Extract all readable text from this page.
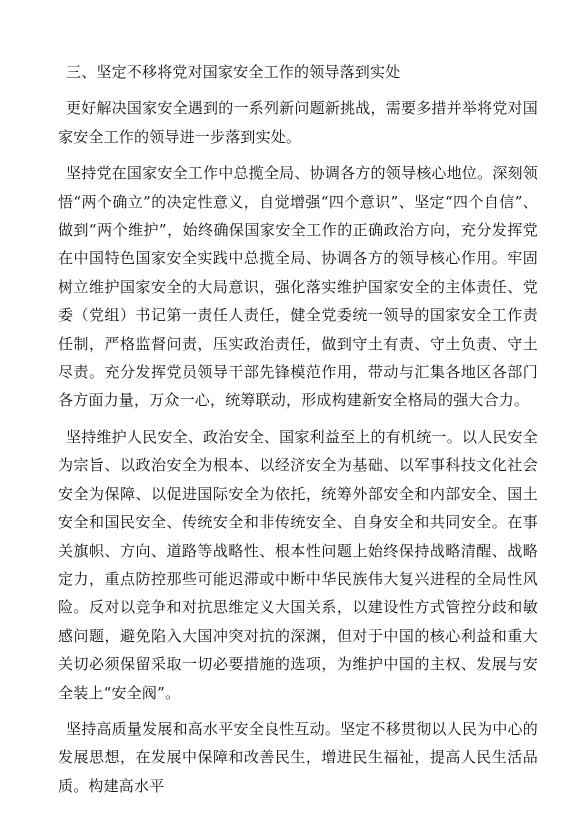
三、坚定不移将党对国家安全工作的领导落到实处

更好解决国家安全遇到的一系列新问题新挑战，需要多措并举将党对国家安全工作的领导进一步落到实处。

坚持党在国家安全工作中总揽全局、协调各方的领导核心地位。深刻领悟“两个确立”的决定性意义，自觉增强“四个意识”、坚定“四个自信”、做到“两个维护”，始终确保国家安全工作的正确政治方向，充分发挥党在中国特色国家安全实践中总揽全局、协调各方的领导核心作用。牢固树立维护国家安全的大局意识，强化落实维护国家安全的主体责任、党委（党组）书记第一责任人责任，健全党委统一领导的国家安全工作责任制，严格监督问责，压实政治责任，做到守土有责、守土负责、守土尽责。充分发挥党员领导干部先锋模范作用，带动与汇集各地区各部门各方面力量，万众一心，统筹联动，形成构建新安全格局的强大合力。

坚持维护人民安全、政治安全、国家利益至上的有机统一。以人民安全为宗旨、以政治安全为根本、以经济安全为基础、以军事科技文化社会安全为保障、以促进国际安全为依托，统筹外部安全和内部安全、国土安全和国民安全、传统安全和非传统安全、自身安全和共同安全。在事关旗帜、方向、道路等战略性、根本性问题上始终保持战略清醒、战略定力，重点防控那些可能迟滞或中断中华民族伟大复兴进程的全局性风险。反对以竞争和对抗思维定义大国关系，以建设性方式管控分歧和敏感问题，避免陷入大国冲突对抗的深渊，但对于中国的核心利益和重大关切必须保留采取一切必要措施的选项，为维护中国的主权、发展与安全装上“安全阀”。

坚持高质量发展和高水平安全良性互动。坚定不移贯彻以人民为中心的发展思想，在发展中保障和改善民生，增进民生福祉，提高人民生活品质。构建高水平
